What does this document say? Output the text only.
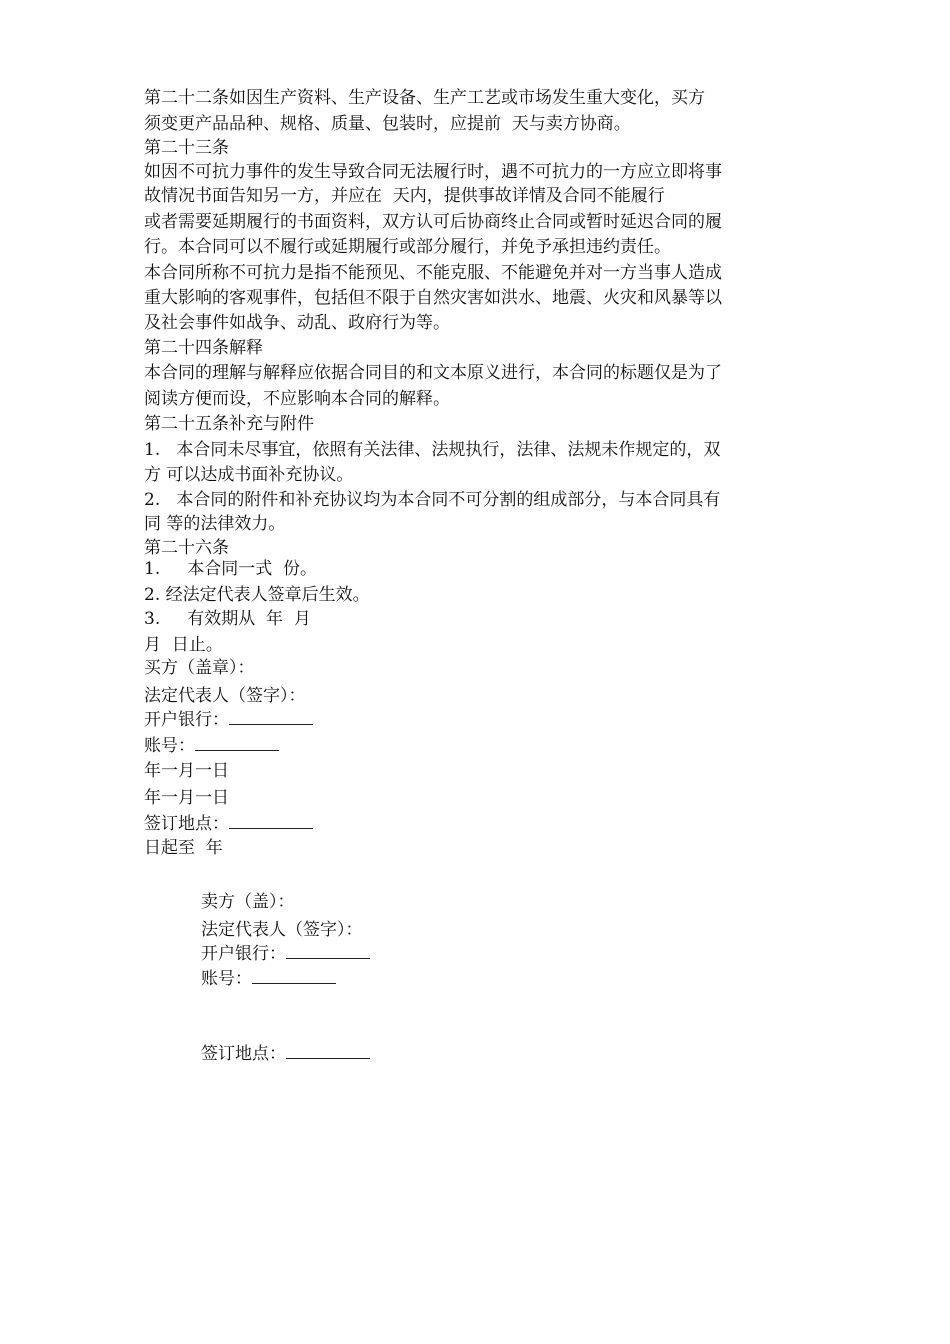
第二十二条如因生产资料、生产设备、生产工艺或市场发生重大变化，买方

须变更产品品种、规格、质量、包装时，应提前  天与卖方协商。

第二十三条

如因不可抗力事件的发生导致合同无法履行时，遇不可抗力的一方应立即将事

故情况书面告知另一方，并应在  天内，提供事故详情及合同不能履行

或者需要延期履行的书面资料，双方认可后协商终止合同或暂时延迟合同的履

行。本合同可以不履行或延期履行或部分履行，并免予承担违约责任。

本合同所称不可抗力是指不能预见、不能克服、不能避免并对一方当事人造成

重大影响的客观事件，包括但不限于自然灾害如洪水、地震、火灾和风暴等以

及社会事件如战争、动乱、政府行为等。

第二十四条解释

本合同的理解与解释应依据合同目的和文本原义进行，本合同的标题仅是为了

阅读方便而设，不应影响本合同的解释。

第二十五条补充与附件

1.   本合同未尽事宜，依照有关法律、法规执行，法律、法规未作规定的，双

方 可以达成书面补充协议。

2.   本合同的附件和补充协议均为本合同不可分割的组成部分，与本合同具有

同 等的法律效力。

第二十六条

1.     本合同一式  份。

2. 经法定代表人签章后生效。

3.     有效期从  年  月

月  日止。

买方（盖章）：

法定代表人（签字）：

开户银行：

账号：

年一月一日

年一月一日

签订地点：

日起至  年

卖方（盖）：

法定代表人（签字）：

开户银行：

账号：

签订地点：
